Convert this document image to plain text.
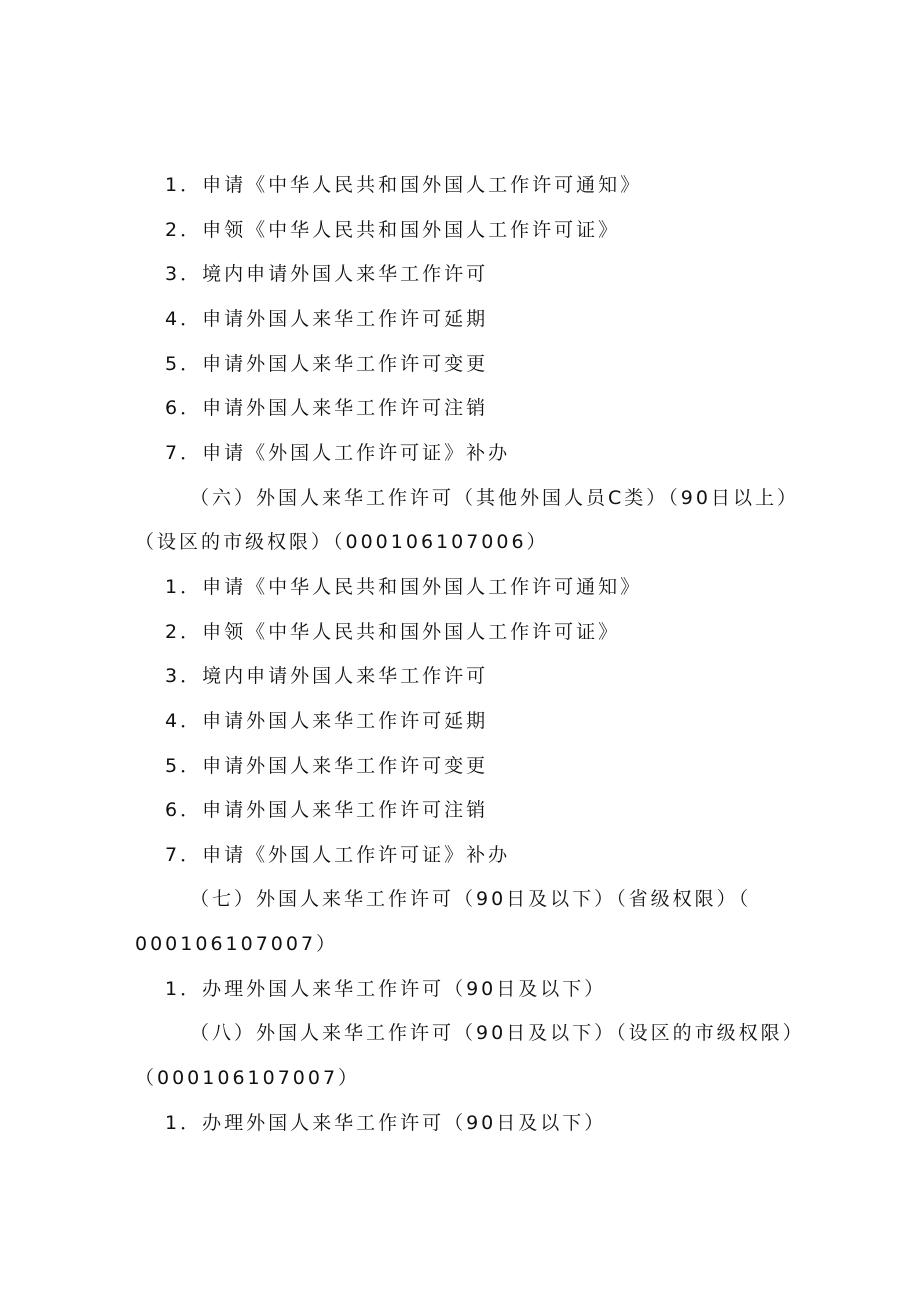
1．申请《中华人民共和国外国人工作许可通知》
2．申领《中华人民共和国外国人工作许可证》
3．境内申请外国人来华工作许可
4．申请外国人来华工作许可延期
5．申请外国人来华工作许可变更
6．申请外国人来华工作许可注销
7．申请《外国人工作许可证》补办
（六）外国人来华工作许可（其他外国人员C类）（90日以上）
（设区的市级权限）（000106107006）
1．申请《中华人民共和国外国人工作许可通知》
2．申领《中华人民共和国外国人工作许可证》
3．境内申请外国人来华工作许可
4．申请外国人来华工作许可延期
5．申请外国人来华工作许可变更
6．申请外国人来华工作许可注销
7．申请《外国人工作许可证》补办
（七）外国人来华工作许可（90日及以下）（省级权限）（
000106107007）
1．办理外国人来华工作许可（90日及以下）
（八）外国人来华工作许可（90日及以下）（设区的市级权限）
（000106107007）
1．办理外国人来华工作许可（90日及以下）
